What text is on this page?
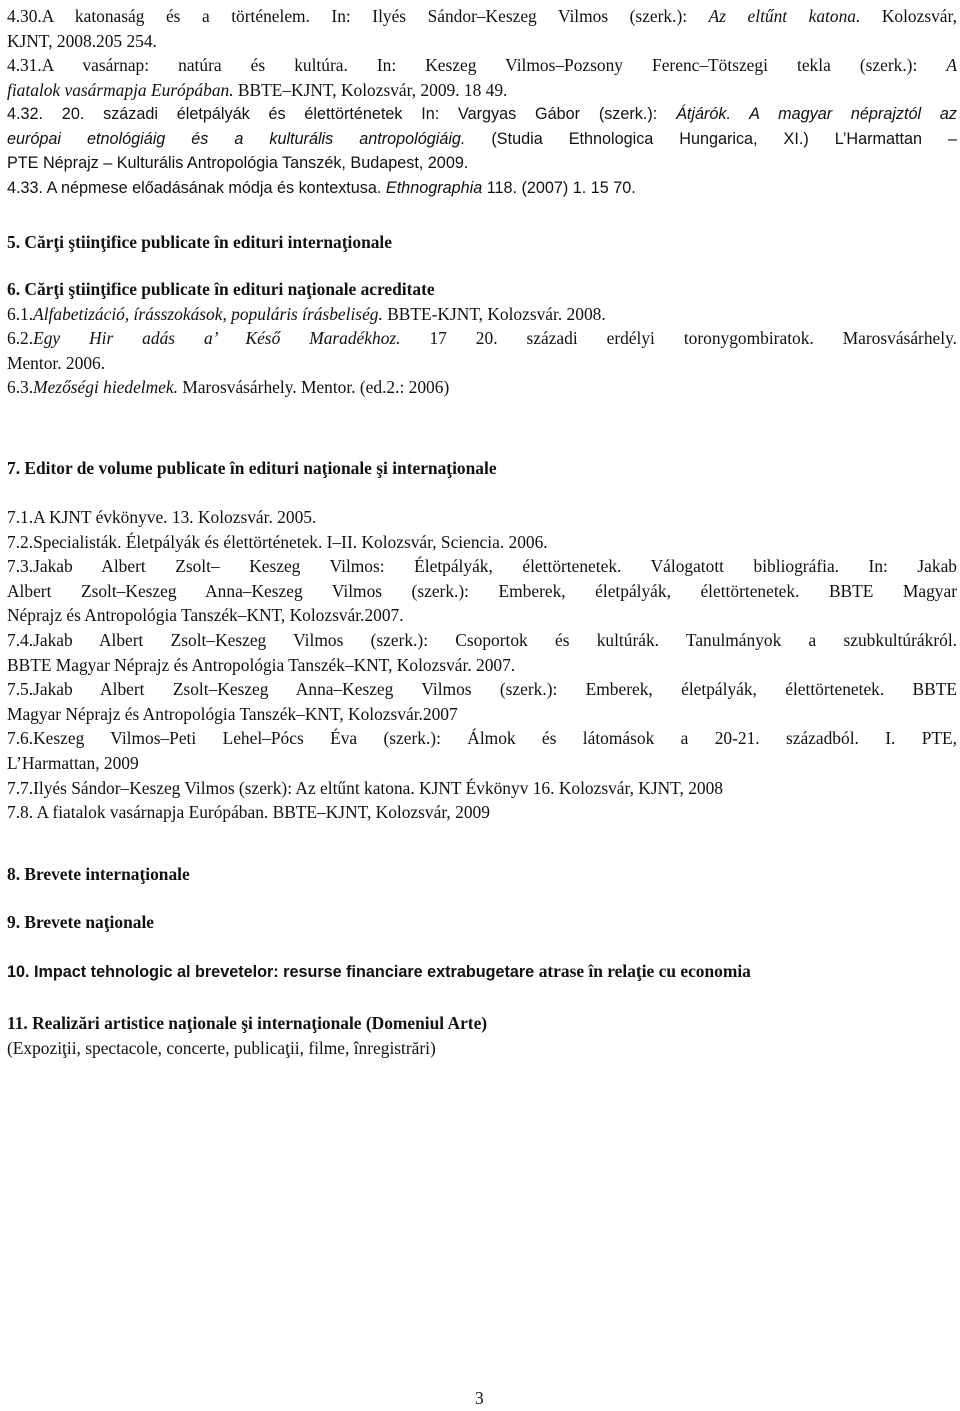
4.30.A katonaság és a történelem. In: Ilyés Sándor–Keszeg Vilmos (szerk.): Az eltűnt katona. Kolozsvár,

KJNT, 2008.205 254.

4.31.A vasárnap: natúra és kultúra. In: Keszeg Vilmos–Pozsony Ferenc–Tötszegi tekla (szerk.): A

fiatalok vasármapja Európában. BBTE–KJNT, Kolozsvár, 2009. 18 49.

4.32. 20. századi életpályák és élettörténetek In: Vargyas Gábor (szerk.): Átjárók. A magyar néprajztól az

európai etnológiáig és a kulturális antropológiáig. (Studia Ethnologica Hungarica, XI.) L’Harmattan –

PTE Néprajz – Kulturális Antropológia Tanszék, Budapest, 2009.

4.33. A népmese előadásának módja és kontextusa. Ethnographia 118. (2007) 1. 15 70.

5. Cărţi ştiinţifice publicate în edituri internaţionale

6. Cărţi ştiinţifice publicate în edituri naţionale acreditate

6.1.Alfabetizáció, írásszokások, populáris írásbeliség. BBTE-KJNT, Kolozsvár. 2008.

6.2.Egy Hir adás a’ Késő Maradékhoz. 17 20. századi erdélyi toronygombiratok. Marosvásárhely.

Mentor. 2006.

6.3.Mezőségi hiedelmek. Marosvásárhely. Mentor. (ed.2.: 2006)

7. Editor de volume publicate în edituri naţionale şi internaţionale

7.1.A KJNT évkönyve. 13. Kolozsvár. 2005.

7.2.Specialisták. Életpályák és élettörténetek. I–II. Kolozsvár, Sciencia. 2006.

7.3.Jakab Albert Zsolt– Keszeg Vilmos: Életpályák, élettörtenetek. Válogatott bibliográfia. In: Jakab

Albert Zsolt–Keszeg Anna–Keszeg Vilmos (szerk.): Emberek, életpályák, élettörtenetek. BBTE Magyar

Néprajz és Antropológia Tanszék–KNT, Kolozsvár.2007.

7.4.Jakab Albert Zsolt–Keszeg Vilmos (szerk.): Csoportok és kultúrák. Tanulmányok a szubkultúrákról.

BBTE Magyar Néprajz és Antropológia Tanszék–KNT, Kolozsvár. 2007.

7.5.Jakab Albert Zsolt–Keszeg Anna–Keszeg Vilmos (szerk.): Emberek, életpályák, élettörtenetek. BBTE

Magyar Néprajz és Antropológia Tanszék–KNT, Kolozsvár.2007

7.6.Keszeg Vilmos–Peti Lehel–Pócs Éva (szerk.): Álmok és látomások a 20-21. századból. I. PTE,

L’Harmattan, 2009

7.7.Ilyés Sándor–Keszeg Vilmos (szerk): Az eltűnt katona. KJNT Évkönyv 16. Kolozsvár, KJNT, 2008

7.8. A fiatalok vasárnapja Európában. BBTE–KJNT, Kolozsvár, 2009

8. Brevete internaţionale

9. Brevete naţionale

10. Impact tehnologic al brevetelor: resurse financiare extrabugetare atrase în relaţie cu economia

11. Realizări artistice naţionale şi internaţionale (Domeniul Arte)

(Expoziţii, spectacole, concerte, publicaţii, filme, înregistrări)

3
